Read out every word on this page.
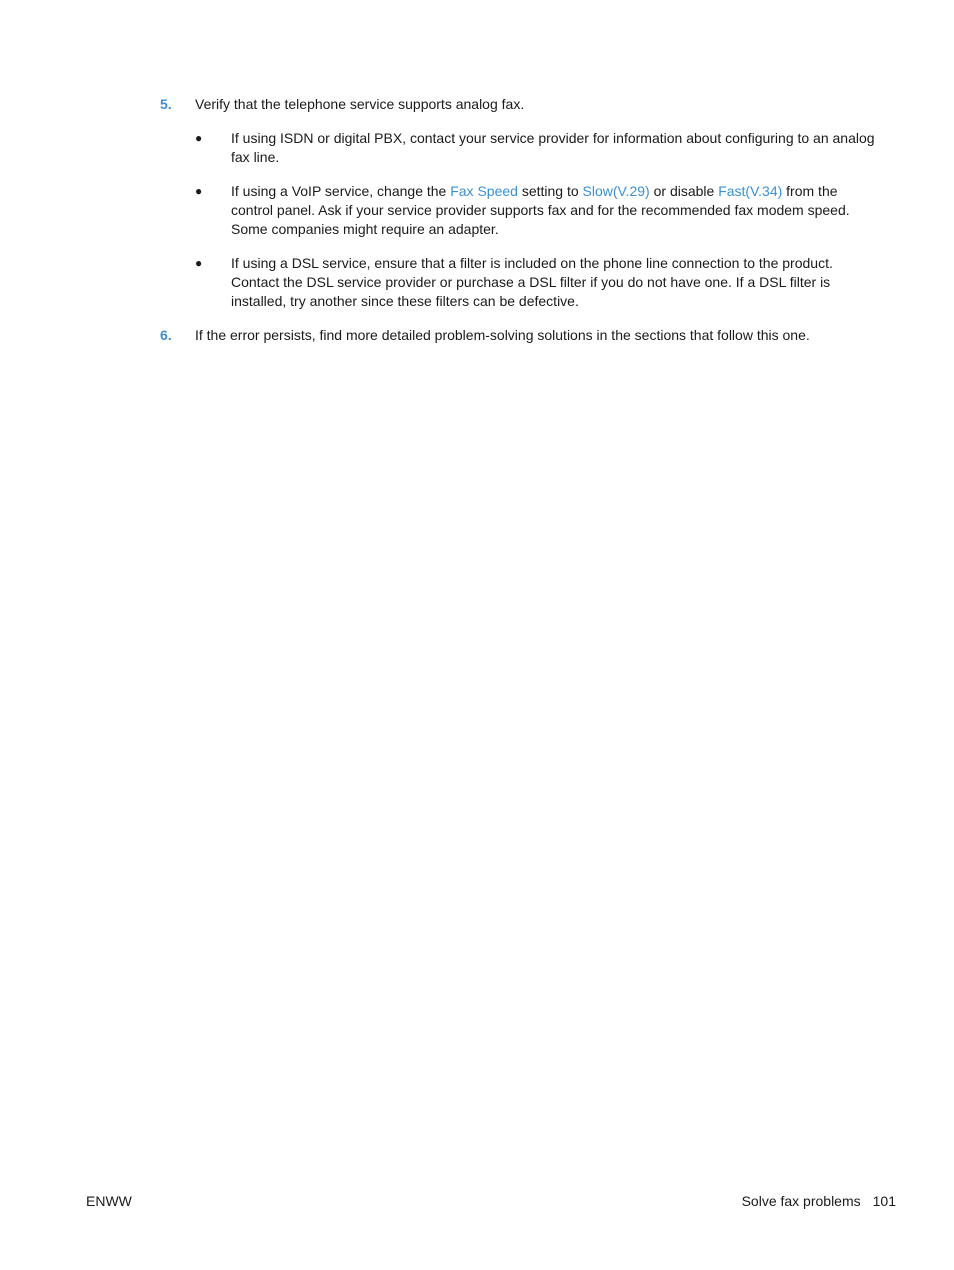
5. Verify that the telephone service supports analog fax.
● If using ISDN or digital PBX, contact your service provider for information about configuring to an analog fax line.
● If using a VoIP service, change the Fax Speed setting to Slow(V.29) or disable Fast(V.34) from the control panel. Ask if your service provider supports fax and for the recommended fax modem speed. Some companies might require an adapter.
● If using a DSL service, ensure that a filter is included on the phone line connection to the product. Contact the DSL service provider or purchase a DSL filter if you do not have one. If a DSL filter is installed, try another since these filters can be defective.
6. If the error persists, find more detailed problem-solving solutions in the sections that follow this one.
ENWW	Solve fax problems 101
